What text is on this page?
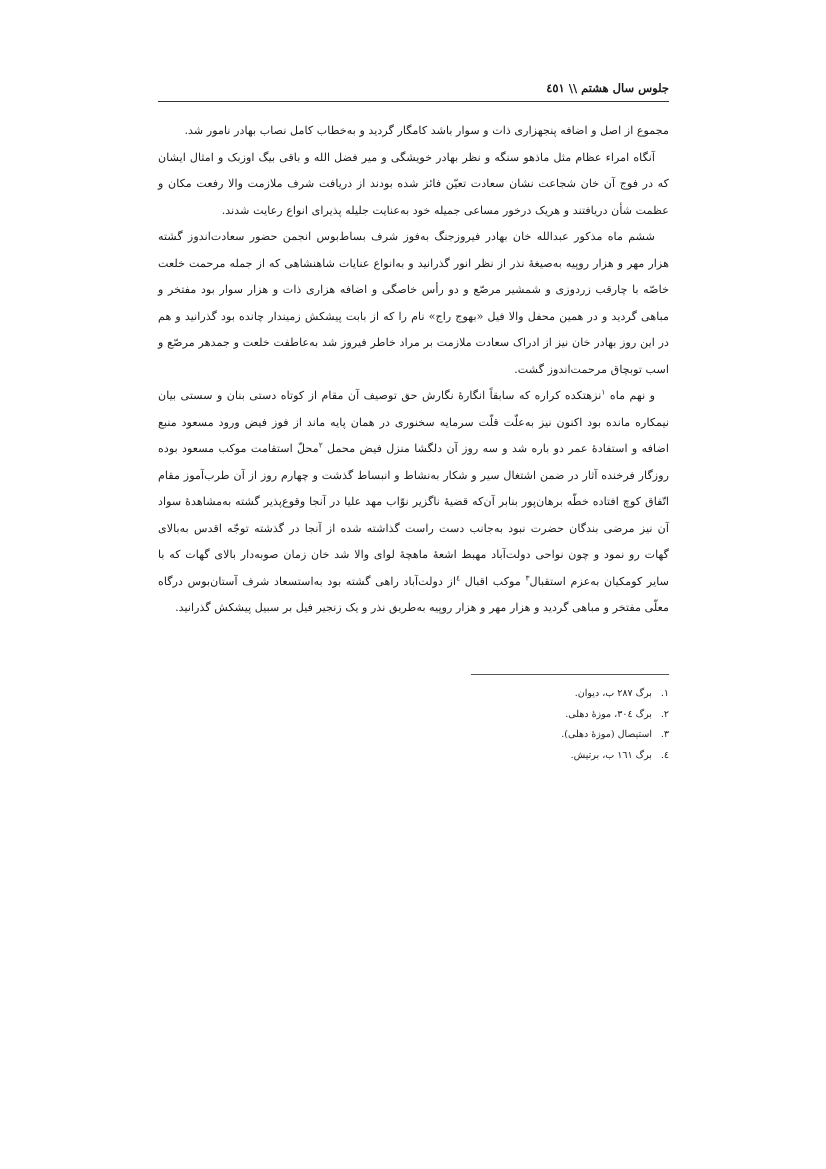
جلوس سال هشتم \\ ٤٥١

مجموع از اصل و اضافه پنجهزاری ذات و سوار باشد کامگار گردید و به‌خطاب کامل نصاب بهادر نامور شد.

آنگاه امراء عظام مثل ماذهو سنگه و نظر بهادر خویشگی و میر فضل الله و باقی بیگ اوزبک و امثال ایشان که در فوج آن خان شجاعت نشان سعادت تعیّن فائز شده بودند از دریافت شرف ملازمت والا رفعت مکان و عظمت شأن دریافتند و هریک درخور مساعی جمیله خود به‌عنایت جلیله پذیرای انواع رعایت شدند.

ششم ماه مذکور عبدالله خان بهادر فیروزجنگ به‌فوز شرف بساط‌بوس انجمن حضور سعادت‌اندوز گشته هزار مهر و هزار روپیه به‌صیغهٔ نذر از نظر انور گذرانید و به‌انواع عنایات شاهنشاهی که از جمله مرحمت خلعت خاصّه با چارقب زردوزی و شمشیر مرصّع و دو رأس خاصگی و اضافه هزاری ذات و هزار سوار بود مفتخر و مباهی گردید و در همین محفل والا فیل «بهوج راج» نام را که از بابت پیشکش زمیندار چانده بود گذرانید و هم در این روز بهادر خان نیز از ادراک سعادت ملازمت بر مراد خاطر فیروز شد به‌عاطفت خلعت و جمدهر مرصّع و اسب توبچاق مرحمت‌اندوز گشت.

و نهم ماه $^١$نزهتکده کراره که سابقاً انگارهٔ نگارش حق توصیف آن مقام از کوتاه دستی بنان و سستی بیان نیمکاره مانده بود اکنون نیز به‌علّت قلّت سرمایه سخنوری در همان پایه ماند از فوز فیض ورود مسعود منبع اضافه و استفادهٔ عمر دو باره شد و سه روز آن دلگشا منزل فیض محمل $^٢$محلّ استقامت موکب مسعود بوده روزگار فرخنده آثار در ضمن اشتغال سیر و شکار به‌نشاط و انبساط گذشت و چهارم روز از آن طرب‌آموز مقام اتّفاق کوچ افتاده خطّه برهان‌پور بنابر آن‌که قضیهٔ ناگزیر نوّاب مهد علیا در آنجا وقوع‌پذیر گشته به‌مشاهدهٔ سواد آن نیز مرضی بندگان حضرت نبود به‌جانب دست راست گذاشته شده از آنجا در گذشته توجّه اقدس به‌بالای گهات رو نمود و چون نواحی دولت‌آباد مهبط اشعهٔ ماهچهٔ لوای والا شد خان زمان صوبه‌دار بالای گهات که با سایر کومکیان به‌عزم استقبال$^٣$ موکب اقبال $^٤$از دولت‌آباد راهی گشته بود به‌استسعاد شرف آستان‌بوس درگاه معلّی مفتخر و مباهی گردید و هزار مهر و هزار روپیه به‌طریق نذر و یک زنجیر فیل بر سبیل پیشکش گذرانید.

١. برگ ٢٨٧ ب، دیوان.
٢. برگ ٣٠٤، موزهٔ دهلی.
٣. استیصال (موزهٔ دهلی).
٤. برگ ١٦١ ب، برتیش.
